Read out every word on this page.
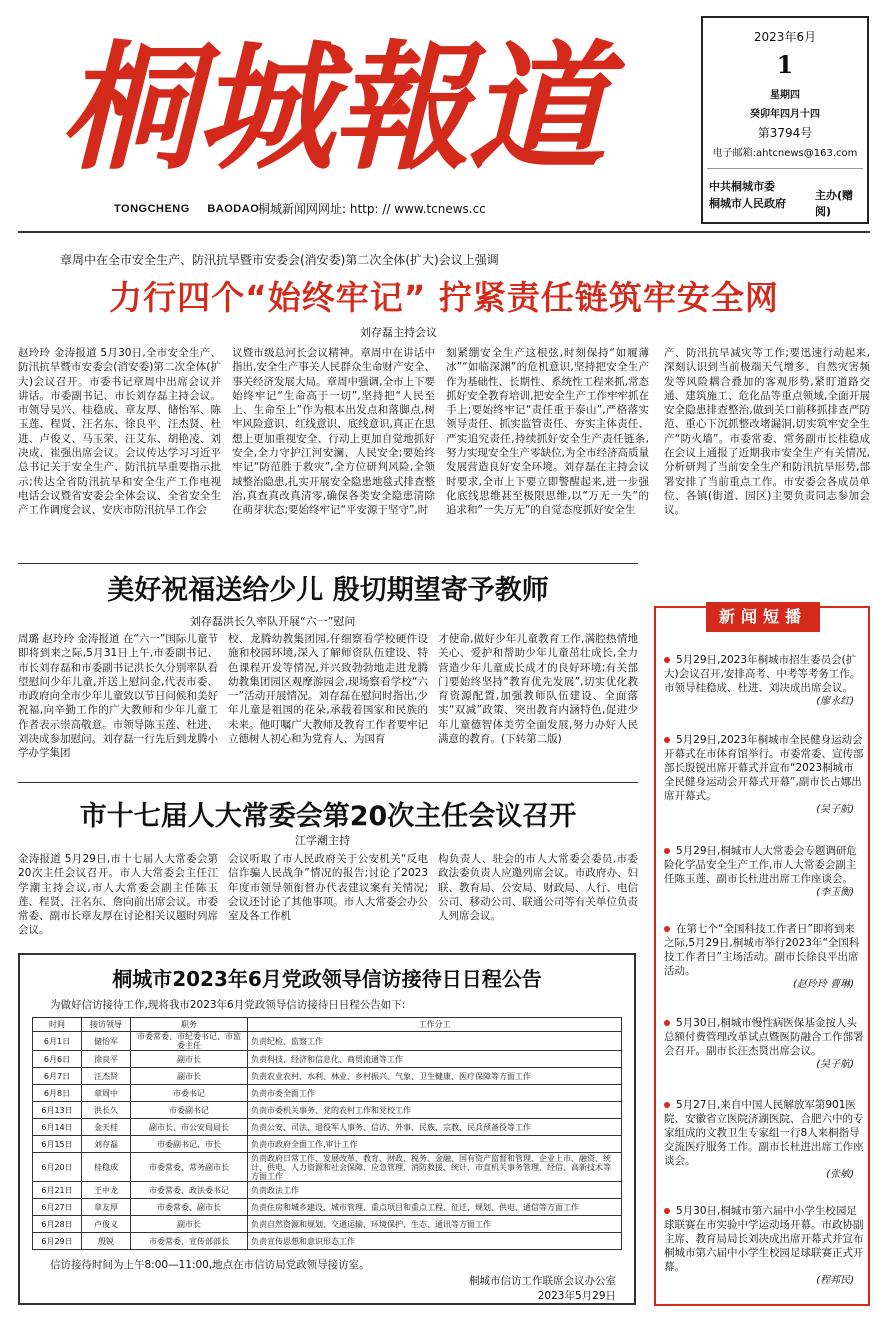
桐城報道
TONGCHENG BAODAO
桐城新闻网网址: http: // www.tcnews.cc
2023年6月
1
星期四
癸卯年四月十四
第3794号
电子邮箱:ahtcnews@163.com
中共桐城市委
桐城市人民政府
主办(赠阅)
章周中在全市安全生产、防汛抗旱暨市安委会(消安委)第二次全体(扩大)会议上强调
力行四个“始终牢记” 拧紧责任链筑牢安全网
刘存磊主持会议
赵玲玲 金涛报道 5月30日,全市安全生产、防汛抗旱暨市安委会(消安委)第二次全体(扩大)会议召开。市委书记章周中出席会议并讲话。市委副书记、市长刘存磊主持会议。市领导吴兴、桂稳成、章友厚、储怡军、陈玉莲、程贤、汪名东、徐良平、汪杰贤、杜进、卢俊义、马玉荣、汪艾东、胡艳凌、刘决成、崔强出席会议。会议传达学习习近平总书记关于安全生产、防汛抗旱重要指示批示;传达全省防汛抗旱和安全生产工作电视电话会议暨省安委会全体会议、全省安全生产工作调度会议、安庆市防汛抗旱工作会
议暨市级总河长会议精神。章周中在讲话中指出,安全生产事关人民群众生命财产安全、事关经济发展大局。章周中强调,全市上下要始终牢记“生命高于一切”,坚持把“人民至上、生命至上”作为根本出发点和落脚点,树牢风险意识、红线意识、底线意识,真正在思想上更加重视安全、行动上更加自觉地抓好安全,全力守护江河安澜、人民安全;要始终牢记“防范胜于救灾”,全方位研判风险,全领域整治隐患,扎实开展安全隐患地毯式排查整治,真查真改真清零,确保各类安全隐患清除在萌芽状态;要始终牢记“平安源于坚守”,时
刻紧绷安全生产这根弦,时刻保持“如履薄冰”“如临深渊”的危机意识,坚持把安全生产作为基础性、长期性、系统性工程来抓,常态抓好安全教育培训,把安全生产工作牢牢抓在手上;要始终牢记“责任重于泰山”,严格落实领导责任、抓实监管责任、夯实主体责任、严实追究责任,持续抓好安全生产责任链条,努力实现安全生产零缺位,为全市经济高质量发展营造良好安全环境。刘存磊在主持会议时要求,全市上下要立即警醒起来,进一步强化底线思维甚至极限思维,以“万无一失”的追求和“一失万无”的自觉态度抓好安全生
产、防汛抗旱减灾等工作;要迅速行动起来,深刻认识到当前极端天气增多、自然灾害频发等风险耦合叠加的客观形势,紧盯道路交通、建筑施工、危化品等重点领域,全面开展安全隐患排查整治,做到关口前移抓排查严防范、重心下沉抓整改堵漏洞,切实筑牢安全生产“防火墙”。市委常委、常务副市长桂稳成在会议上通报了近期我市安全生产有关情况,分析研判了当前安全生产和防汛抗旱形势,部署安排了当前重点工作。市安委会各成员单位、各镇(街道、园区)主要负责同志参加会议。
美好祝福送给少儿 殷切期望寄予教师
刘存磊洪长久率队开展“六一”慰问
周璐 赵玲玲 金涛报道 在“六一”国际儿童节即将到来之际,5月31日上午,市委副书记、市长刘存磊和市委副书记洪长久分别率队看望慰问少年儿童,并送上慰问金,代表市委、市政府向全市少年儿童致以节日问候和美好祝福,向辛勤工作的广大教师和少年儿童工作者表示崇高敬意。市领导陈玉莲、杜进、刘决成参加慰问。刘存磊一行先后到龙腾小学办学集团
校、龙腾幼教集团园,仔细察看学校硬件设施和校园环境,深入了解师资队伍建设、特色课程开发等情况,并兴致勃勃地走进龙腾幼教集团园区观摩游园会,现场察看学校“六一”活动开展情况。刘存磊在慰问时指出,少年儿童是祖国的花朵,承载着国家和民族的未来。他叮嘱广大教师及教育工作者要牢记立德树人初心和为党育人、为国育
才使命,做好少年儿童教育工作,满腔热情地关心、爱护和帮助少年儿童茁壮成长,全力营造少年儿童成长成才的良好环境;有关部门要始终坚持“教育优先发展”,切实优化教育资源配置,加强教师队伍建设、全面落实“双减”政策、突出教育内涵特色,促进少年儿童德智体美劳全面发展,努力办好人民满意的教育。(下转第二版)
市十七届人大常委会第20次主任会议召开
江学潮主持
金涛报道 5月29日,市十七届人大常委会第20次主任会议召开。市人大常委会主任江学潮主持会议,市人大常委会副主任陈玉莲、程贤、汪名东、詹向前出席会议。市委常委、副市长章友厚在讨论相关议题时列席会议。
会议听取了市人民政府关于公安机关“反电信诈骗人民战争”情况的报告;讨论了2023年度市领导领衔督办代表建议案有关情况;会议还讨论了其他事项。市人大常委会办公室及各工作机
构负责人、驻会的市人大常委会委员,市委政法委负责人应邀列席会议。市政府办、妇联、教育局、公安局、财政局、人行、电信公司、移动公司、联通公司等有关单位负责人列席会议。
新闻短播
5月29日,2023年桐城市招生委员会(扩大)会议召开,安排高考、中考等考务工作。市领导桂稳成、杜进、刘决成出席会议。
(廖永红)
5月29日,2023年桐城市全民健身运动会开幕式在市体育馆举行。市委常委、宣传部部长殷锐出席开幕式并宣布“2023桐城市全民健身运动会开幕式开幕”,副市长占娜出席开幕式。
(吴子航)
5月29日,桐城市人大常委会专题调研危险化学品安全生产工作,市人大常委会副主任陈玉莲、副市长杜进出席工作座谈会。
(李玉衡)
在第七个“全国科技工作者日”即将到来之际,5月29日,桐城市举行2023年“全国科技工作者日”主场活动。副市长徐良平出席活动。
(赵玲玲 曹琳)
5月30日,桐城市慢性病医保基金按人头总额付费管理改革试点暨医防融合工作部署会召开。副市长汪杰贤出席会议。
(吴子航)
5月27日,来自中国人民解放军第901医院、安徽省立医院济湖医院、合肥六中的专家组成的文教卫生专家组一行8人来桐指导交流医疗服务工作。副市长杜进出席工作座谈会。
(张敏)
5月30日,桐城市第六届中小学生校园足球联赛在市实验中学运动场开幕。市政协副主席、教育局局长刘决成出席开幕式并宣布桐城市第六届中小学生校园足球联赛正式开幕。
(程邦民)
桐城市2023年6月党政领导信访接待日日程公告
为做好信访接待工作,现将我市2023年6月党政领导信访接待日日程公告如下:
时间	接访领导	职务	工作分工
6月1日	储怡军	市委常委、市纪委书记、市监委主任	负责纪检、监察工作
6月6日	徐良平	副市长	负责科技、经济和信息化、商贸流通等工作
6月7日	汪杰贤	副市长	负责农业农村、水利、林业、乡村振兴、气象、卫生健康、医疗保障等方面工作
6月8日	章周中	市委书记	负责市委全面工作
6月13日	洪长久	市委副书记	负责市委机关事务、党的农村工作和党校工作
6月14日	金天桂	副市长、市公安局局长	负责公安、司法、退役军人事务、信访、外事、民族、宗教、民兵预备役等工作
6月15日	刘存磊	市委副书记、市长	负责市政府全面工作,审计工作
6月20日	桂稳成	市委常委、常务副市长	负责政府日常工作、发展改革、教育、财政、税务、金融、国有资产监督和管理、企业上市、融资、统计、供电、人力资源和社会保障、应急管理、消防救援、统计、市直机关事务管理、经信、高新技术等方面工作
6月21日	王中龙	市委常委、政法委书记	负责政法工作
6月27日	章友厚	市委常委、副市长	负责住房和城乡建设、城市管理、重点项目和重点工程、征迁、规划、供电、通信等方面工作
6月28日	卢俊义	副市长	负责自然资源和规划、交通运输、环境保护、生态、通讯等方面工作
6月29日	殷锐	市委常委、宣传部部长	负责宣传思想和意识形态工作
信访接待时间为上午8:00—11:00,地点在市信访局党政领导接访室。
桐城市信访工作联席会议办公室
2023年5月29日
